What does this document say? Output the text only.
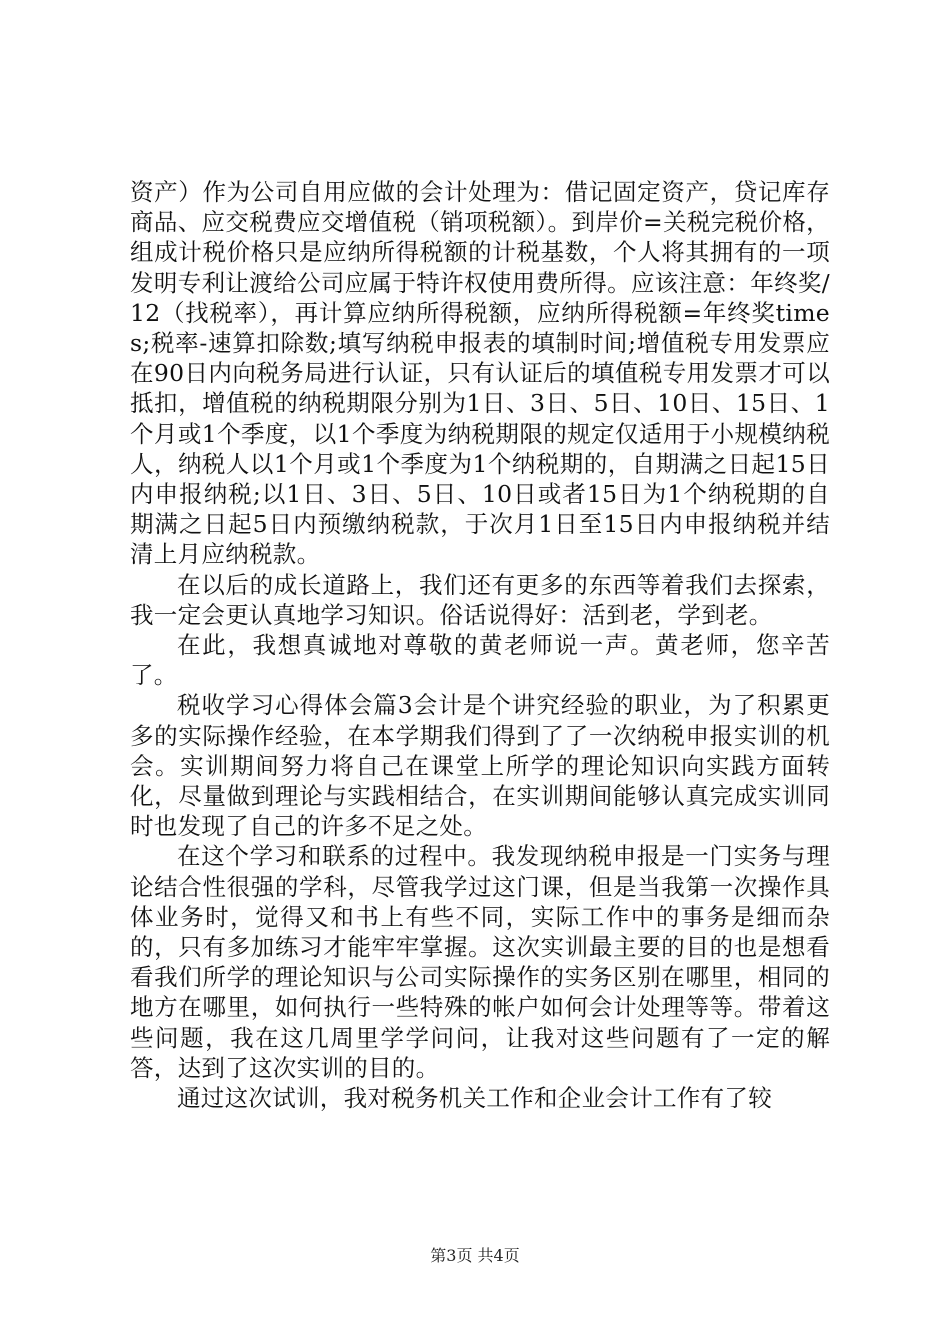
资产）作为公司自用应做的会计处理为：借记固定资产，贷记库存商品、应交税费应交增值税（销项税额）。到岸价=关税完税价格，组成计税价格只是应纳所得税额的计税基数，个人将其拥有的一项发明专利让渡给公司应属于特许权使用费所得。应该注意：年终奖/12（找税率），再计算应纳所得税额，应纳所得税额=年终奖times;税率-速算扣除数;填写纳税申报表的填制时间;增值税专用发票应在90日内向税务局进行认证，只有认证后的填值税专用发票才可以抵扣，增值税的纳税期限分别为1日、3日、5日、10日、15日、1个月或1个季度，以1个季度为纳税期限的规定仅适用于小规模纳税人，纳税人以1个月或1个季度为1个纳税期的，自期满之日起15日内申报纳税;以1日、3日、5日、10日或者15日为1个纳税期的自期满之日起5日内预缴纳税款，于次月1日至15日内申报纳税并结清上月应纳税款。

在以后的成长道路上，我们还有更多的东西等着我们去探索，我一定会更认真地学习知识。俗话说得好：活到老，学到老。

在此，我想真诚地对尊敬的黄老师说一声。黄老师，您辛苦了。

税收学习心得体会篇3会计是个讲究经验的职业，为了积累更多的实际操作经验，在本学期我们得到了了一次纳税申报实训的机会。实训期间努力将自己在课堂上所学的理论知识向实践方面转化，尽量做到理论与实践相结合，在实训期间能够认真完成实训同时也发现了自己的许多不足之处。

在这个学习和联系的过程中。我发现纳税申报是一门实务与理论结合性很强的学科，尽管我学过这门课，但是当我第一次操作具体业务时，觉得又和书上有些不同，实际工作中的事务是细而杂的，只有多加练习才能牢牢掌握。这次实训最主要的目的也是想看看我们所学的理论知识与公司实际操作的实务区别在哪里，相同的地方在哪里，如何执行一些特殊的帐户如何会计处理等等。带着这些问题，我在这几周里学学问问，让我对这些问题有了一定的解答，达到了这次实训的目的。

通过这次试训，我对税务机关工作和企业会计工作有了较

第3页 共4页
